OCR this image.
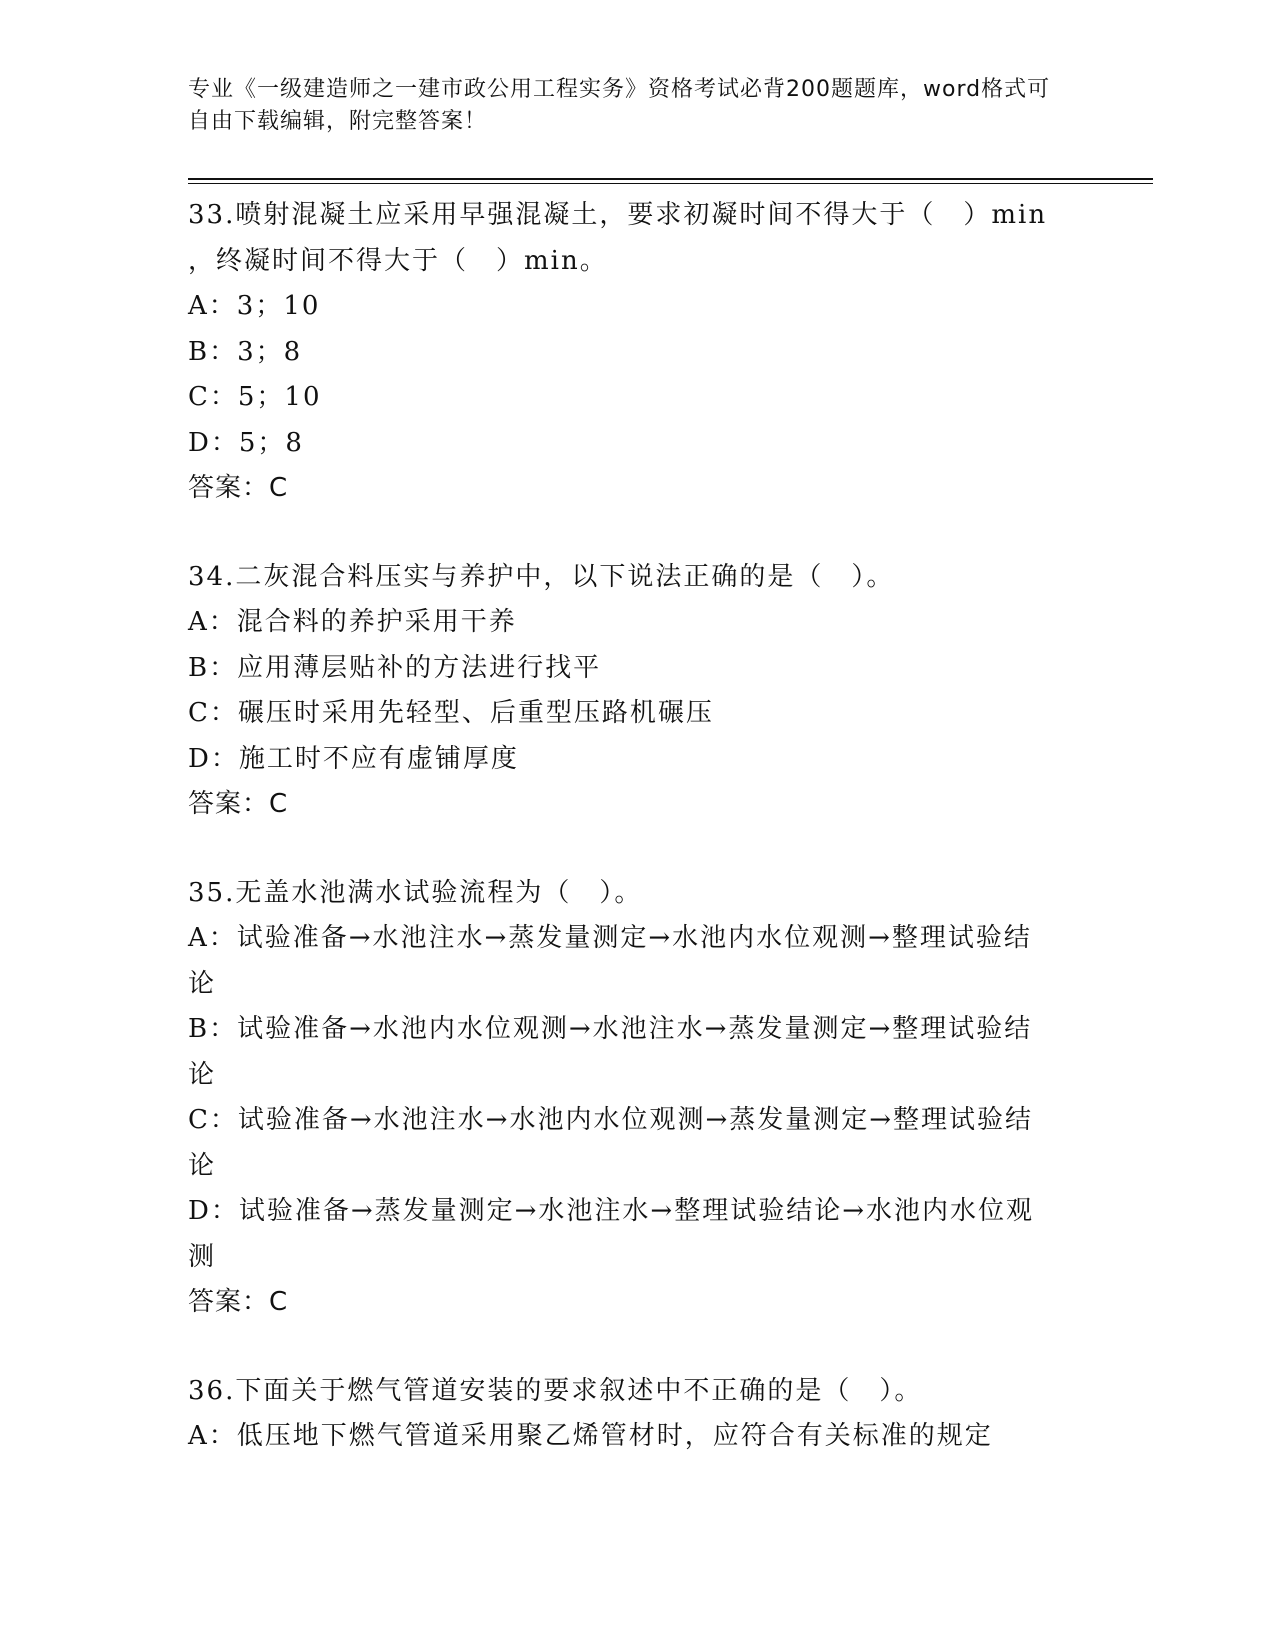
专业《一级建造师之一建市政公用工程实务》资格考试必背200题题库，word格式可自由下载编辑，附完整答案！
33.喷射混凝土应采用早强混凝土，要求初凝时间不得大于（　）min
，终凝时间不得大于（　）min。
A：3；10
B：3；8
C：5；10
D：5；8
答案：C
34.二灰混合料压实与养护中，以下说法正确的是（　）。
A：混合料的养护采用干养
B：应用薄层贴补的方法进行找平
C：碾压时采用先轻型、后重型压路机碾压
D：施工时不应有虚铺厚度
答案：C
35.无盖水池满水试验流程为（　）。
A：试验准备→水池注水→蒸发量测定→水池内水位观测→整理试验结
论
B：试验准备→水池内水位观测→水池注水→蒸发量测定→整理试验结
论
C：试验准备→水池注水→水池内水位观测→蒸发量测定→整理试验结
论
D：试验准备→蒸发量测定→水池注水→整理试验结论→水池内水位观
测
答案：C
36.下面关于燃气管道安装的要求叙述中不正确的是（　）。
A：低压地下燃气管道采用聚乙烯管材时，应符合有关标准的规定
